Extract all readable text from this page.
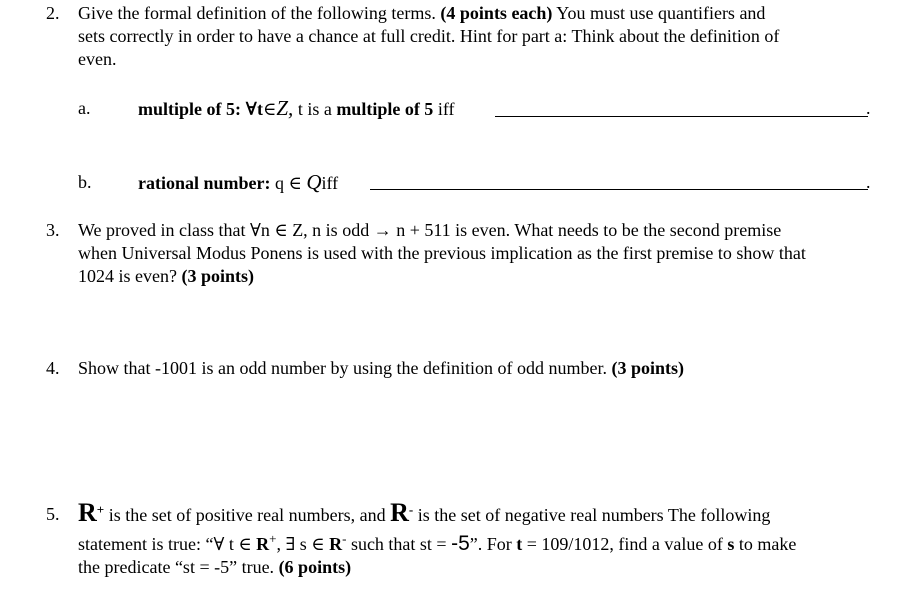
2. Give the formal definition of the following terms. (4 points each) You must use quantifiers and
sets correctly in order to have a chance at full credit. Hint for part a: Think about the definition of
even.
a.	multiple of 5: ∀t∈Z, t is a multiple of 5 iff	.
b.	rational number: q ∈ Qiff	.
3. We proved in class that ∀n ∈ Z, n is odd → n + 511 is even. What needs to be the second premise
when Universal Modus Ponens is used with the previous implication as the first premise to show that
1024 is even? (3 points)
4. Show that -1001 is an odd number by using the definition of odd number. (3 points)
5. R+ is the set of positive real numbers, and R- is the set of negative real numbers The following
statement is true: “∀ t ∈ R+, ∃ s ∈ R- such that st = -5”. For t = 109/1012, find a value of s to make
the predicate “st = -5” true. (6 points)
